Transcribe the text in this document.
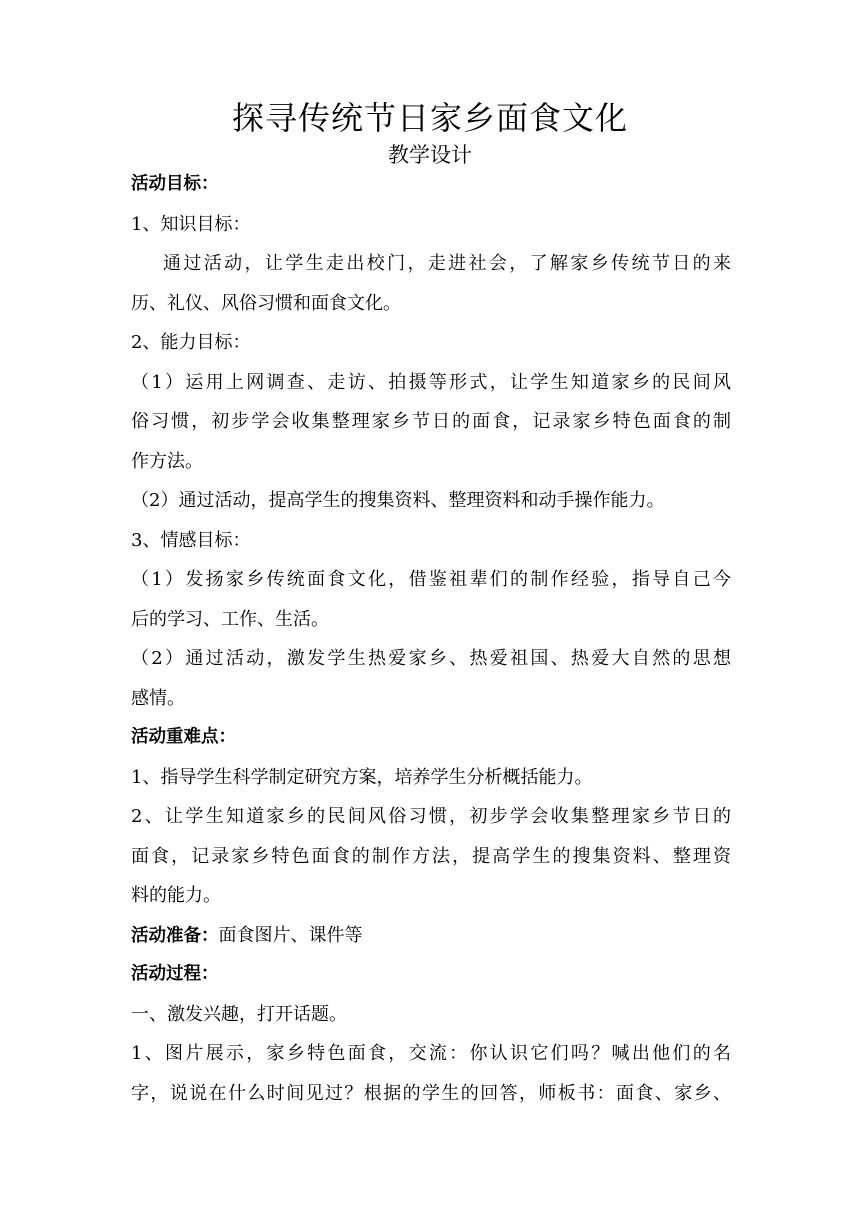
探寻传统节日家乡面食文化
教学设计
活动目标：
1、知识目标：
通过活动，让学生走出校门，走进社会，了解家乡传统节日的来
历、礼仪、风俗习惯和面食文化。
2、能力目标：
（1）运用上网调查、走访、拍摄等形式，让学生知道家乡的民间风
俗习惯，初步学会收集整理家乡节日的面食，记录家乡特色面食的制
作方法。
（2）通过活动，提高学生的搜集资料、整理资料和动手操作能力。
3、情感目标：
（1）发扬家乡传统面食文化，借鉴祖辈们的制作经验，指导自己今
后的学习、工作、生活。
（2）通过活动，激发学生热爱家乡、热爱祖国、热爱大自然的思想
感情。
活动重难点：
1、指导学生科学制定研究方案，培养学生分析概括能力。
2、让学生知道家乡的民间风俗习惯，初步学会收集整理家乡节日的
面食，记录家乡特色面食的制作方法，提高学生的搜集资料、整理资
料的能力。
活动准备：面食图片、课件等
活动过程：
一、激发兴趣，打开话题。
1、图片展示，家乡特色面食，交流：你认识它们吗？喊出他们的名
字，说说在什么时间见过？根据的学生的回答，师板书：面食、家乡、
